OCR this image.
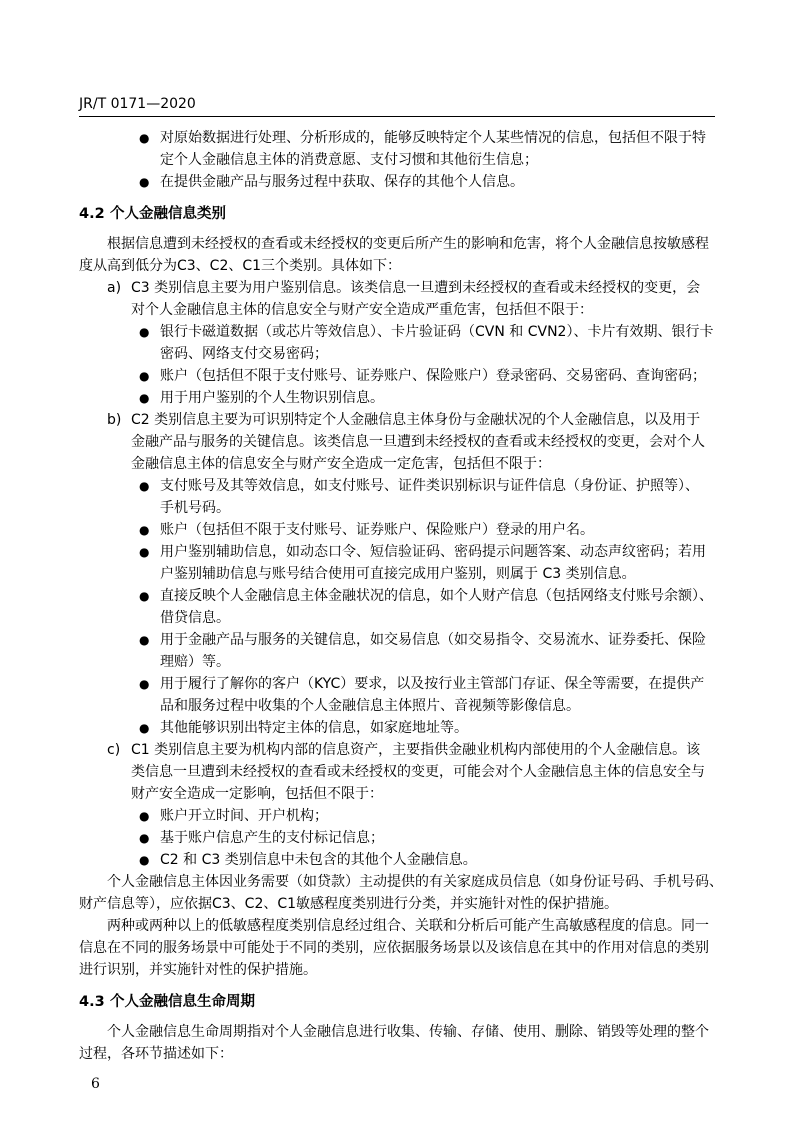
JR/T 0171—2020
● 对原始数据进行处理、分析形成的，能够反映特定个人某些情况的信息，包括但不限于特
定个人金融信息主体的消费意愿、支付习惯和其他衍生信息；
● 在提供金融产品与服务过程中获取、保存的其他个人信息。
4.2 个人金融信息类别
根据信息遭到未经授权的查看或未经授权的变更后所产生的影响和危害，将个人金融信息按敏感程
度从高到低分为C3、C2、C1三个类别。具体如下：
a) C3 类别信息主要为用户鉴别信息。该类信息一旦遭到未经授权的查看或未经授权的变更，会
对个人金融信息主体的信息安全与财产安全造成严重危害，包括但不限于：
● 银行卡磁道数据（或芯片等效信息）、卡片验证码（CVN 和 CVN2）、卡片有效期、银行卡
密码、网络支付交易密码；
● 账户（包括但不限于支付账号、证券账户、保险账户）登录密码、交易密码、查询密码；
● 用于用户鉴别的个人生物识别信息。
b) C2 类别信息主要为可识别特定个人金融信息主体身份与金融状况的个人金融信息，以及用于
金融产品与服务的关键信息。该类信息一旦遭到未经授权的查看或未经授权的变更，会对个人
金融信息主体的信息安全与财产安全造成一定危害，包括但不限于：
● 支付账号及其等效信息，如支付账号、证件类识别标识与证件信息（身份证、护照等）、
手机号码。
● 账户（包括但不限于支付账号、证券账户、保险账户）登录的用户名。
● 用户鉴别辅助信息，如动态口令、短信验证码、密码提示问题答案、动态声纹密码；若用
户鉴别辅助信息与账号结合使用可直接完成用户鉴别，则属于 C3 类别信息。
● 直接反映个人金融信息主体金融状况的信息，如个人财产信息（包括网络支付账号余额）、
借贷信息。
● 用于金融产品与服务的关键信息，如交易信息（如交易指令、交易流水、证券委托、保险
理赔）等。
● 用于履行了解你的客户（KYC）要求，以及按行业主管部门存证、保全等需要，在提供产
品和服务过程中收集的个人金融信息主体照片、音视频等影像信息。
● 其他能够识别出特定主体的信息，如家庭地址等。
c) C1 类别信息主要为机构内部的信息资产，主要指供金融业机构内部使用的个人金融信息。该
类信息一旦遭到未经授权的查看或未经授权的变更，可能会对个人金融信息主体的信息安全与
财产安全造成一定影响，包括但不限于：
● 账户开立时间、开户机构；
● 基于账户信息产生的支付标记信息；
● C2 和 C3 类别信息中未包含的其他个人金融信息。
个人金融信息主体因业务需要（如贷款）主动提供的有关家庭成员信息（如身份证号码、手机号码、
财产信息等），应依据C3、C2、C1敏感程度类别进行分类，并实施针对性的保护措施。
两种或两种以上的低敏感程度类别信息经过组合、关联和分析后可能产生高敏感程度的信息。同一
信息在不同的服务场景中可能处于不同的类别，应依据服务场景以及该信息在其中的作用对信息的类别
进行识别，并实施针对性的保护措施。
4.3 个人金融信息生命周期
个人金融信息生命周期指对个人金融信息进行收集、传输、存储、使用、删除、销毁等处理的整个
过程，各环节描述如下：
6
